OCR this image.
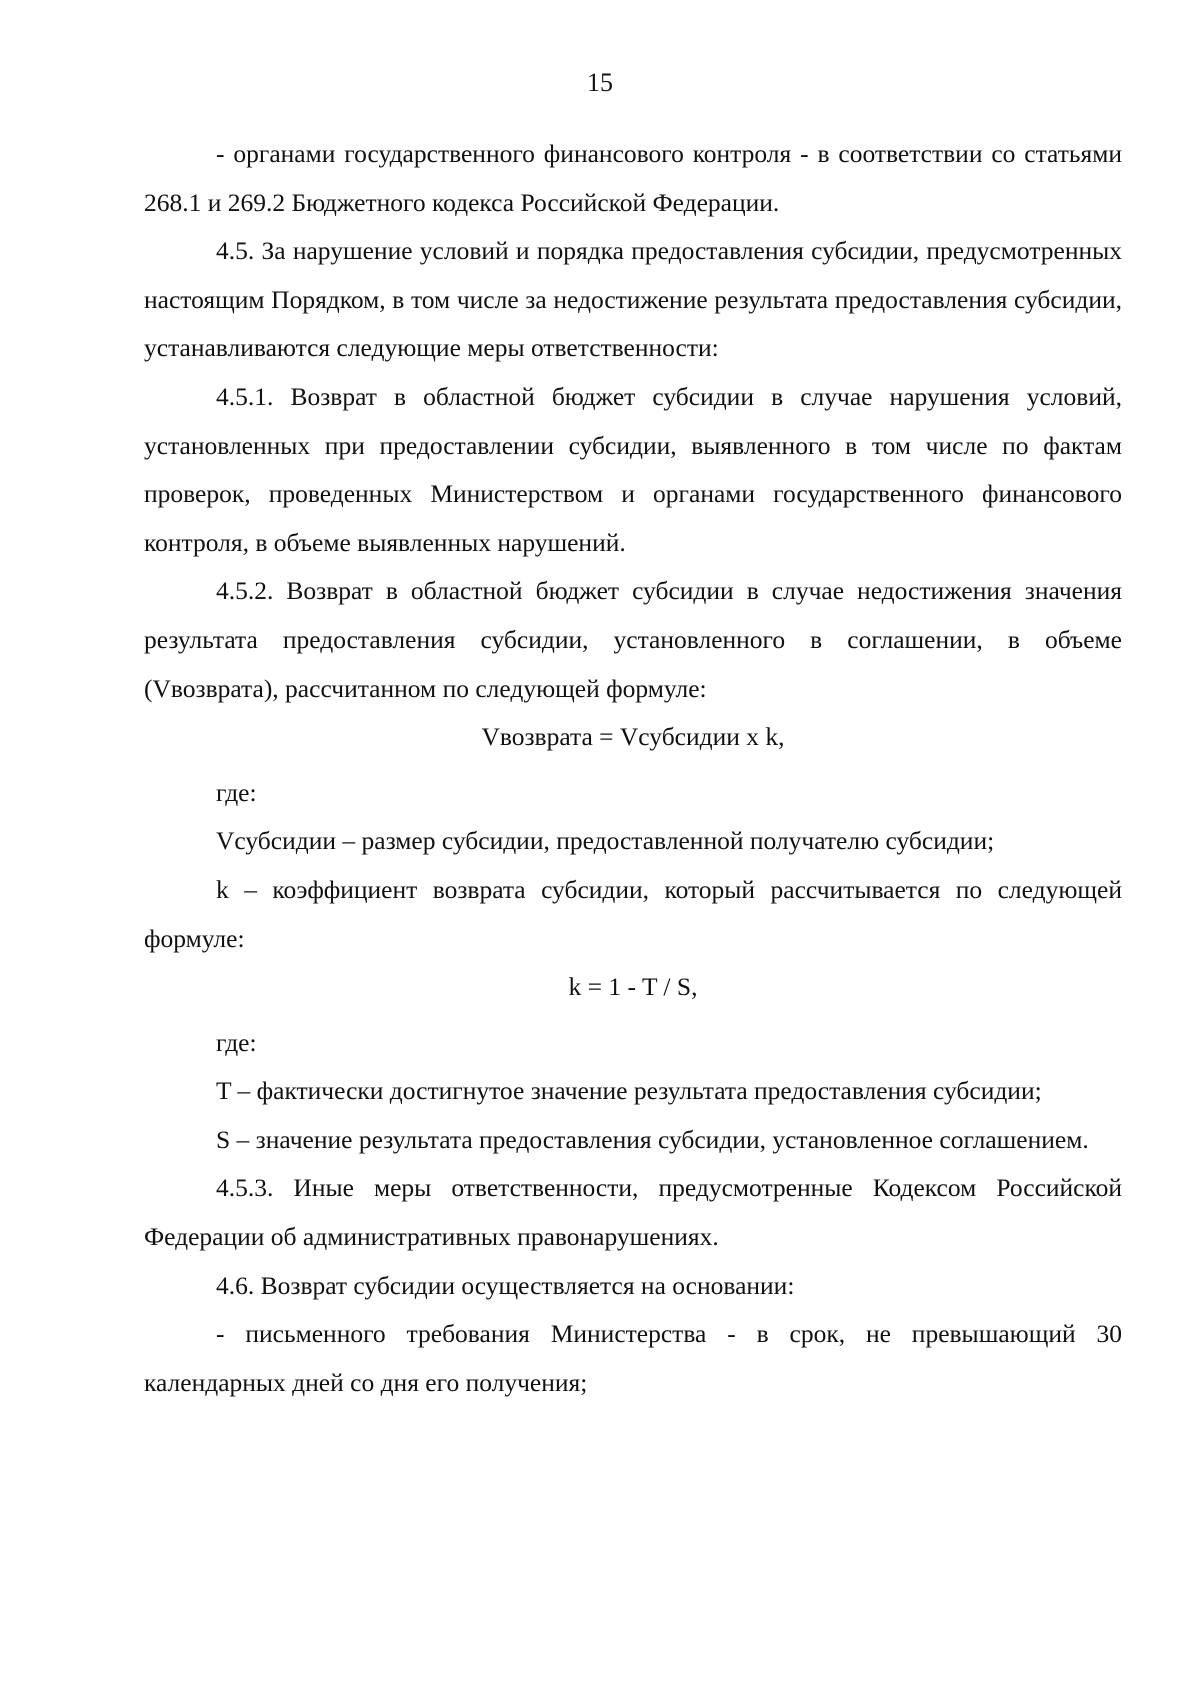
15

- органами государственного финансового контроля - в соответствии со статьями 268.1 и 269.2 Бюджетного кодекса Российской Федерации.

4.5. За нарушение условий и порядка предоставления субсидии, предусмотренных настоящим Порядком, в том числе за недостижение результата предоставления субсидии, устанавливаются следующие меры ответственности:

4.5.1. Возврат в областной бюджет субсидии в случае нарушения условий, установленных при предоставлении субсидии, выявленного в том числе по фактам проверок, проведенных Министерством и органами государственного финансового контроля, в объеме выявленных нарушений.

4.5.2. Возврат в областной бюджет субсидии в случае недостижения значения результата предоставления субсидии, установленного в соглашении, в объеме (Vвозврата), рассчитанном по следующей формуле:

Vвозврата = Vсубсидии x k,

где:

Vсубсидии – размер субсидии, предоставленной получателю субсидии;

k – коэффициент возврата субсидии, который рассчитывается по следующей формуле:

k = 1 - T / S,

где:

T – фактически достигнутое значение результата предоставления субсидии;

S – значение результата предоставления субсидии, установленное соглашением.

4.5.3. Иные меры ответственности, предусмотренные Кодексом Российской Федерации об административных правонарушениях.

4.6. Возврат субсидии осуществляется на основании:

- письменного требования Министерства - в срок, не превышающий 30 календарных дней со дня его получения;
